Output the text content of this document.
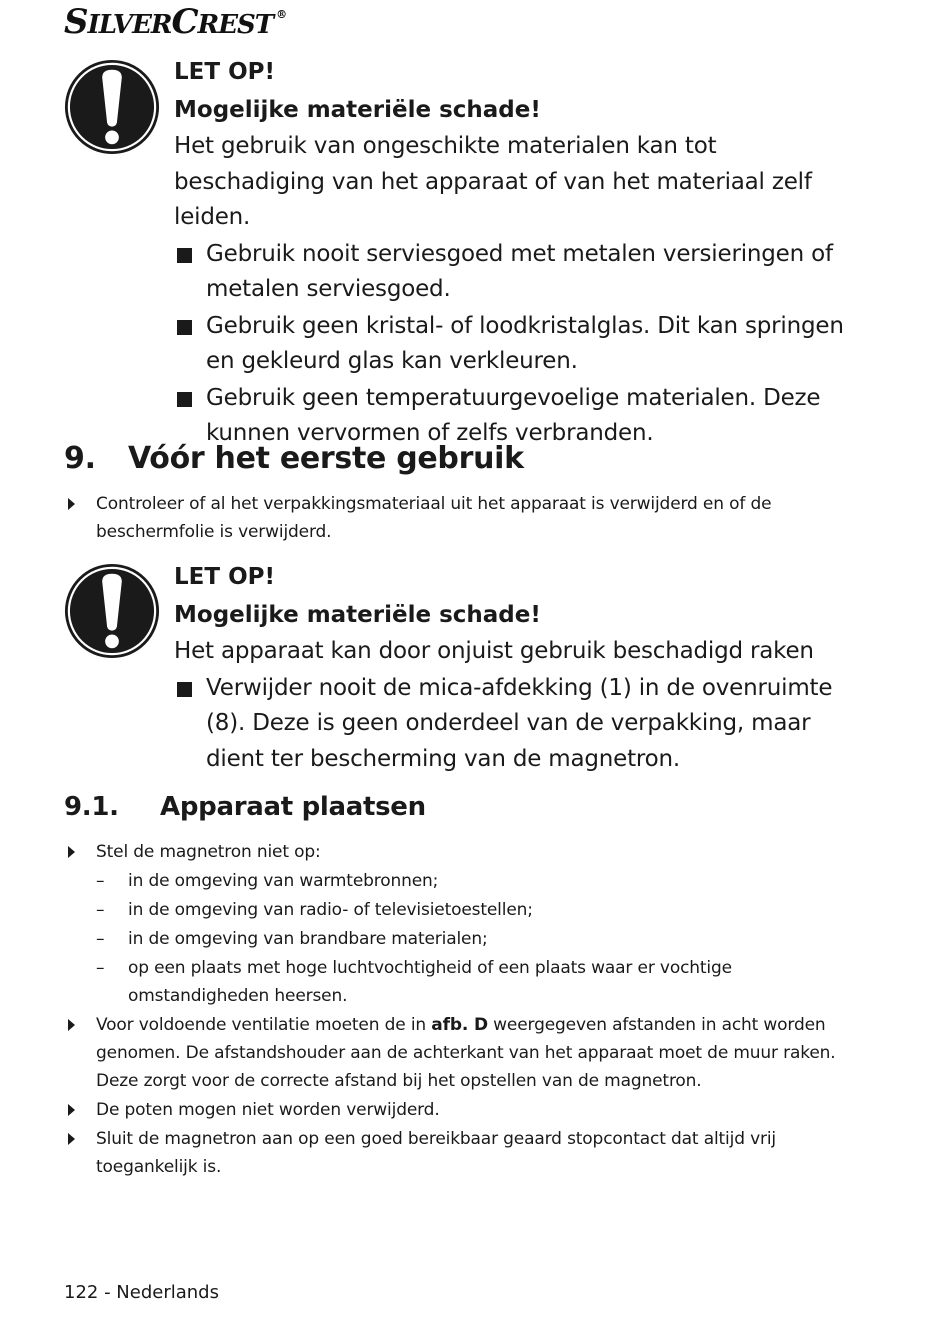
SILVERCREST ®

LET OP!

Mogelijke materiële schade!

Het gebruik van ongeschikte materialen kan tot beschadiging van het apparaat of van het materiaal zelf leiden.

Gebruik nooit serviesgoed met metalen versieringen of metalen serviesgoed.
Gebruik geen kristal- of loodkristalglas. Dit kan springen en gekleurd glas kan verkleuren.
Gebruik geen temperatuurgevoelige materialen. Deze kunnen vervormen of zelfs verbranden.
9. Vóór het eerste gebruik
Controleer of al het verpakkingsmateriaal uit het apparaat is verwijderd en of de beschermfolie is verwijderd.

LET OP!

Mogelijke materiële schade!

Het apparaat kan door onjuist gebruik beschadigd raken

Verwijder nooit de mica-afdekking (1) in de ovenruimte (8). Deze is geen onderdeel van de verpakking, maar dient ter bescherming van de magnetron.
9.1. Apparaat plaatsen
Stel de magnetron niet op:
– in de omgeving van warmtebronnen;
– in de omgeving van radio- of televisietoestellen;
– in de omgeving van brandbare materialen;
– op een plaats met hoge luchtvochtigheid of een plaats waar er vochtige omstandigheden heersen.
Voor voldoende ventilatie moeten de in afb. D weergegeven afstanden in acht worden genomen. De afstandshouder aan de achterkant van het apparaat moet de muur raken. Deze zorgt voor de correcte afstand bij het opstellen van de magnetron.
De poten mogen niet worden verwijderd.
Sluit de magnetron aan op een goed bereikbaar geaard stopcontact dat altijd vrij toegankelijk is.
122 - Nederlands
